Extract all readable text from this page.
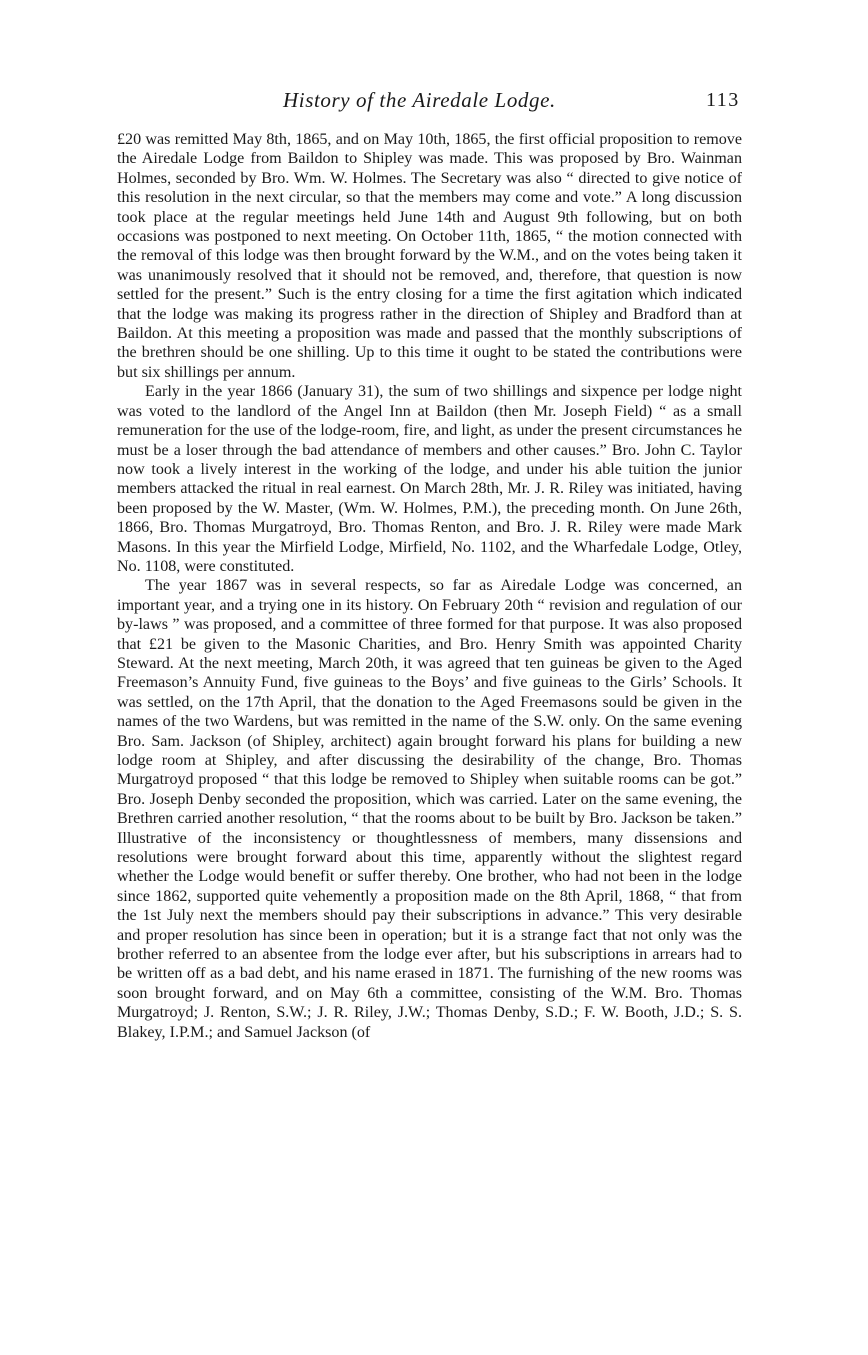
History of the Airedale Lodge.	113

£20 was remitted May 8th, 1865, and on May 10th, 1865, the first official proposition to remove the Airedale Lodge from Baildon to Shipley was made. This was proposed by Bro. Wainman Holmes, seconded by Bro. Wm. W. Holmes. The Secretary was also “ directed to give notice of this resolution in the next circular, so that the members may come and vote.” A long discussion took place at the regular meetings held June 14th and August 9th following, but on both occasions was postponed to next meeting. On October 11th, 1865, “ the motion connected with the removal of this lodge was then brought forward by the W.M., and on the votes being taken it was unanimously resolved that it should not be removed, and, therefore, that question is now settled for the present.” Such is the entry closing for a time the first agitation which indicated that the lodge was making its progress rather in the direction of Shipley and Bradford than at Baildon. At this meeting a proposition was made and passed that the monthly subscriptions of the brethren should be one shilling. Up to this time it ought to be stated the contributions were but six shillings per annum.

Early in the year 1866 (January 31), the sum of two shillings and sixpence per lodge night was voted to the landlord of the Angel Inn at Baildon (then Mr. Joseph Field) “ as a small remuneration for the use of the lodge-room, fire, and light, as under the present circumstances he must be a loser through the bad attendance of members and other causes.” Bro. John C. Taylor now took a lively interest in the working of the lodge, and under his able tuition the junior members attacked the ritual in real earnest. On March 28th, Mr. J. R. Riley was initiated, having been proposed by the W. Master, (Wm. W. Holmes, P.M.), the preceding month. On June 26th, 1866, Bro. Thomas Murgatroyd, Bro. Thomas Renton, and Bro. J. R. Riley were made Mark Masons. In this year the Mirfield Lodge, Mirfield, No. 1102, and the Wharfedale Lodge, Otley, No. 1108, were constituted.

The year 1867 was in several respects, so far as Airedale Lodge was concerned, an important year, and a trying one in its history. On February 20th “ revision and regulation of our by-laws ” was proposed, and a committee of three formed for that purpose. It was also proposed that £21 be given to the Masonic Charities, and Bro. Henry Smith was appointed Charity Steward. At the next meeting, March 20th, it was agreed that ten guineas be given to the Aged Freemason’s Annuity Fund, five guineas to the Boys’ and five guineas to the Girls’ Schools. It was settled, on the 17th April, that the donation to the Aged Freemasons sould be given in the names of the two Wardens, but was remitted in the name of the S.W. only. On the same evening Bro. Sam. Jackson (of Shipley, architect) again brought forward his plans for building a new lodge room at Shipley, and after discussing the desirability of the change, Bro. Thomas Murgatroyd proposed “ that this lodge be removed to Shipley when suitable rooms can be got.” Bro. Joseph Denby seconded the proposition, which was carried. Later on the same evening, the Brethren carried another resolution, “ that the rooms about to be built by Bro. Jackson be taken.” Illustrative of the inconsistency or thoughtlessness of members, many dissensions and resolutions were brought forward about this time, apparently without the slightest regard whether the Lodge would benefit or suffer thereby. One brother, who had not been in the lodge since 1862, supported quite vehemently a proposition made on the 8th April, 1868, “ that from the 1st July next the members should pay their subscriptions in advance.” This very desirable and proper resolution has since been in operation; but it is a strange fact that not only was the brother referred to an absentee from the lodge ever after, but his subscriptions in arrears had to be written off as a bad debt, and his name erased in 1871. The furnishing of the new rooms was soon brought forward, and on May 6th a committee, consisting of the W.M. Bro. Thomas Murgatroyd; J. Renton, S.W.; J. R. Riley, J.W.; Thomas Denby, S.D.; F. W. Booth, J.D.; S. S. Blakey, I.P.M.; and Samuel Jackson (of
